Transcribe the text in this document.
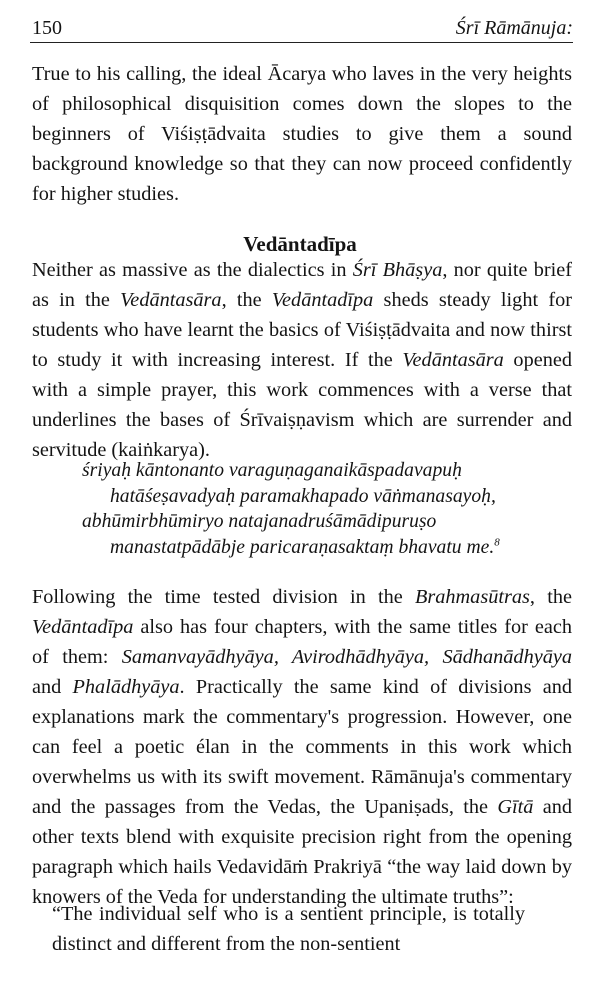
150	Śrī Rāmānuja:

True to his calling, the ideal Ācarya who laves in the very heights of philosophical disquisition comes down the slopes to the beginners of Viśiṣṭādvaita studies to give them a sound background knowledge so that they can now proceed confidently for higher studies.

Vedāntadīpa

Neither as massive as the dialectics in Śrī Bhāṣya, nor quite brief as in the Vedāntasāra, the Vedāntadīpa sheds steady light for students who have learnt the basics of Viśiṣṭādvaita and now thirst to study it with increasing interest. If the Vedāntasāra opened with a simple prayer, this work commences with a verse that underlines the bases of Śrīvaiṣṇavism which are surrender and servitude (kaiṅkarya).

śriyaḥ kāntonanto varaguṇaganaikāspadavapuḥ
hatāśeṣavadyaḥ paramakhapado vāṅmanasayoḥ,
abhūmirbhūmiryo natajanadruśāmādipuruṣo
manastatpādābje paricaraṇasaktaṃ bhavatu me.$^8$

Following the time tested division in the Brahmasūtras, the Vedāntadīpa also has four chapters, with the same titles for each of them: Samanvayādhyāya, Avirodhādhyāya, Sādhanādhyāya and Phalādhyāya. Practically the same kind of divisions and explanations mark the commentary's progression. However, one can feel a poetic élan in the comments in this work which overwhelms us with its swift movement. Rāmānuja's commentary and the passages from the Vedas, the Upaniṣads, the Gītā and other texts blend with exquisite precision right from the opening paragraph which hails Vedavidāṁ Prakriyā “the way laid down by knowers of the Veda for understanding the ultimate truths”:

“The individual self who is a sentient principle, is totally distinct and different from the non-sentient
